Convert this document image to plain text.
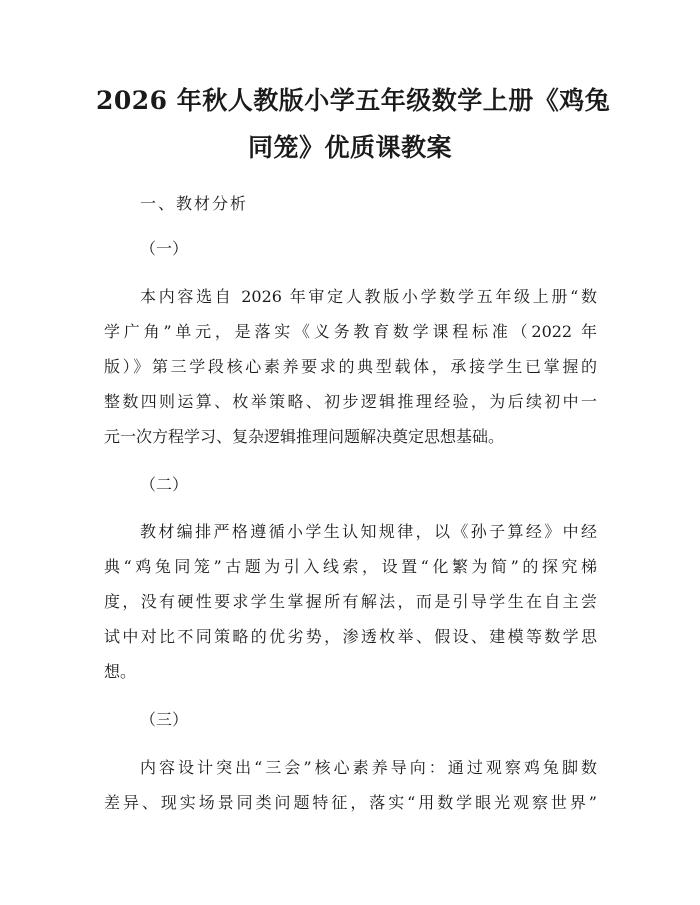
2026 年秋人教版小学五年级数学上册《鸡兔
同笼》优质课教案
一、教材分析
（一）
本内容选自 2026 年审定人教版小学数学五年级上册“数
学广角”单元，是落实《义务教育数学课程标准（2022 年
版）》第三学段核心素养要求的典型载体，承接学生已掌握的
整数四则运算、枚举策略、初步逻辑推理经验，为后续初中一
元一次方程学习、复杂逻辑推理问题解决奠定思想基础。
（二）
教材编排严格遵循小学生认知规律，以《孙子算经》中经
典“鸡兔同笼”古题为引入线索，设置“化繁为简”的探究梯
度，没有硬性要求学生掌握所有解法，而是引导学生在自主尝
试中对比不同策略的优劣势，渗透枚举、假设、建模等数学思
想。
（三）
内容设计突出“三会”核心素养导向：通过观察鸡兔脚数
差异、现实场景同类问题特征，落实“用数学眼光观察世界”
